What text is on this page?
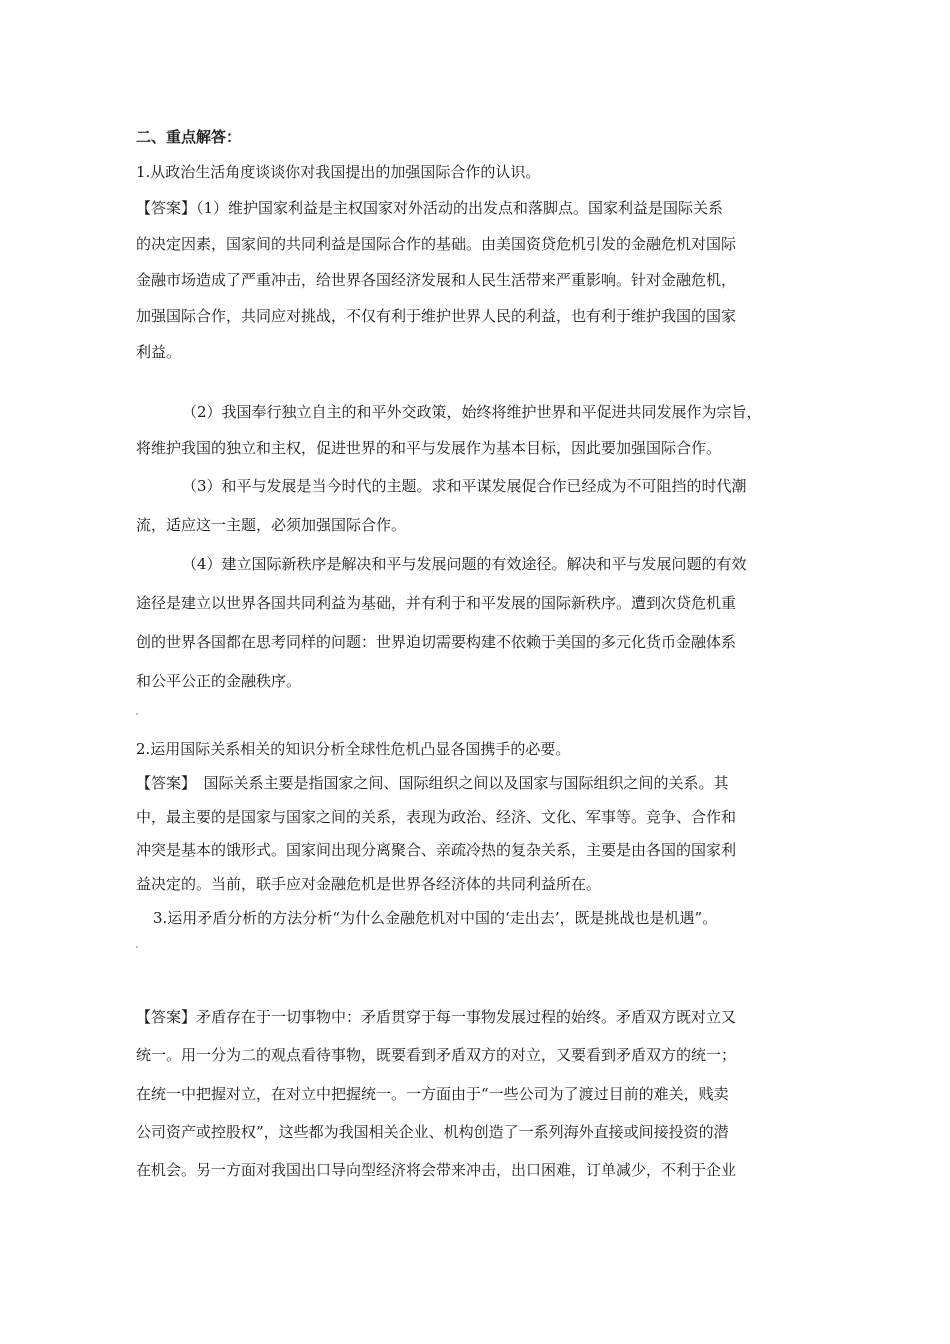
二、重点解答：
1.从政治生活角度谈谈你对我国提出的加强国际合作的认识。
【答案】（1）维护国家利益是主权国家对外活动的出发点和落脚点。国家利益是国际关系
的决定因素，国家间的共同利益是国际合作的基础。由美国资贷危机引发的金融危机对国际
金融市场造成了严重冲击，给世界各国经济发展和人民生活带来严重影响。针对金融危机，
加强国际合作，共同应对挑战，不仅有利于维护世界人民的利益，也有利于维护我国的国家
利益。
（2）我国奉行独立自主的和平外交政策，始终将维护世界和平促进共同发展作为宗旨，
将维护我国的独立和主权，促进世界的和平与发展作为基本目标，因此要加强国际合作。
（3）和平与发展是当今时代的主题。求和平谋发展促合作已经成为不可阻挡的时代潮
流，适应这一主题，必须加强国际合作。
（4）建立国际新秩序是解决和平与发展问题的有效途径。解决和平与发展问题的有效
途径是建立以世界各国共同利益为基础，并有利于和平发展的国际新秩序。遭到次贷危机重
创的世界各国都在思考同样的问题：世界迫切需要构建不依赖于美国的多元化货币金融体系
和公平公正的金融秩序。
2.运用国际关系相关的知识分析全球性危机凸显各国携手的必要。
【答案】　国际关系主要是指国家之间、国际组织之间以及国家与国际组织之间的关系。其
中，最主要的是国家与国家之间的关系，表现为政治、经济、文化、军事等。竞争、合作和
冲突是基本的饿形式。国家间出现分离聚合、亲疏冷热的复杂关系，主要是由各国的国家利
益决定的。当前，联手应对金融危机是世界各经济体的共同利益所在。
3.运用矛盾分析的方法分析“为什么金融危机对中国的‘走出去’，既是挑战也是机遇”。
【答案】矛盾存在于一切事物中：矛盾贯穿于每一事物发展过程的始终。矛盾双方既对立又
统一。用一分为二的观点看待事物，既要看到矛盾双方的对立，又要看到矛盾双方的统一；
在统一中把握对立，在对立中把握统一。一方面由于“一些公司为了渡过目前的难关，贱卖
公司资产或控股权”，这些都为我国相关企业、机构创造了一系列海外直接或间接投资的潜
在机会。另一方面对我国出口导向型经济将会带来冲击，出口困难，订单减少，不利于企业
